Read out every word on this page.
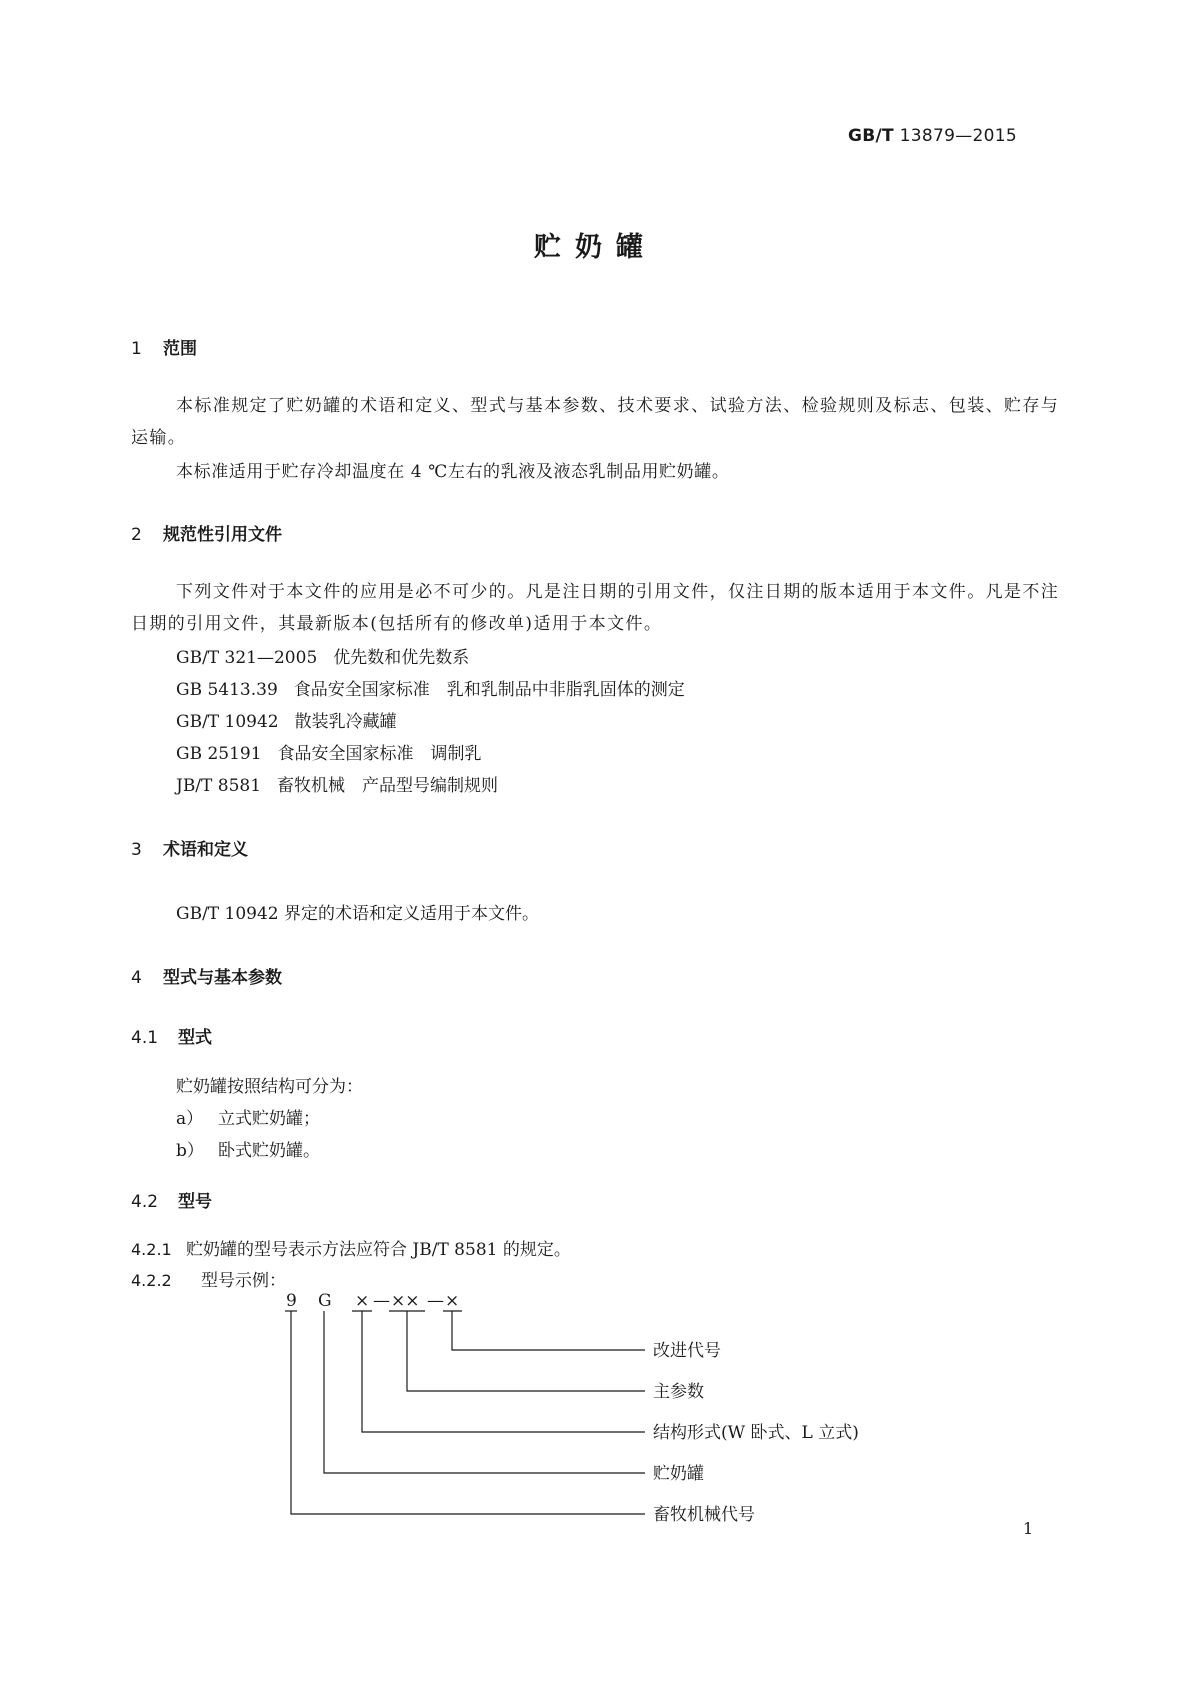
GB/T 13879—2015
贮奶罐
1 范围
本标准规定了贮奶罐的术语和定义、型式与基本参数、技术要求、试验方法、检验规则及标志、包装、贮存与运输。
本标准适用于贮存冷却温度在 4 ℃左右的乳液及液态乳制品用贮奶罐。
2 规范性引用文件
下列文件对于本文件的应用是必不可少的。凡是注日期的引用文件，仅注日期的版本适用于本文件。凡是不注日期的引用文件，其最新版本(包括所有的修改单)适用于本文件。
GB/T 321—2005 优先数和优先数系
GB 5413.39 食品安全国家标准　乳和乳制品中非脂乳固体的测定
GB/T 10942 散装乳冷藏罐
GB 25191 食品安全国家标准　调制乳
JB/T 8581 畜牧机械　产品型号编制规则
3 术语和定义
GB/T 10942 界定的术语和定义适用于本文件。
4 型式与基本参数
4.1 型式
贮奶罐按照结构可分为：
a） 立式贮奶罐；
b） 卧式贮奶罐。
4.2 型号
4.2.1 贮奶罐的型号表示方法应符合 JB/T 8581 的规定。
4.2.2 型号示例：
9 G × — ×× — ×
改进代号
主参数
结构形式(W 卧式、L 立式)
贮奶罐
畜牧机械代号
1
